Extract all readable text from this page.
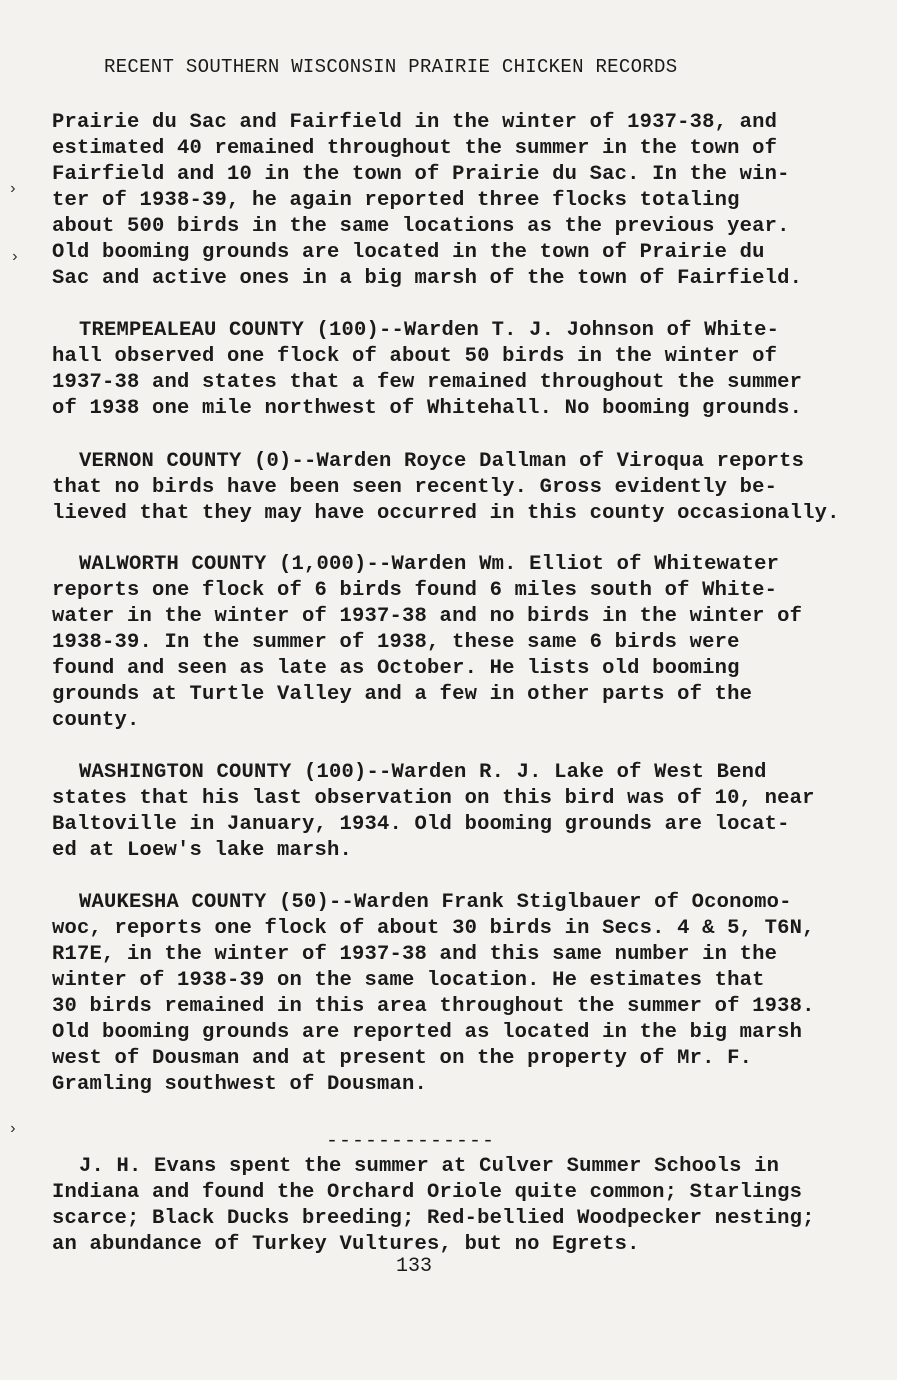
RECENT SOUTHERN WISCONSIN PRAIRIE CHICKEN RECORDS
›
›
›
Prairie du Sac and Fairfield in the winter of 1937-38, and
estimated 40 remained throughout the summer in the town of
Fairfield and 10 in the town of Prairie du Sac. In the win-
ter of 1938-39, he again reported three flocks totaling
about 500 birds in the same locations as the previous year.
Old booming grounds are located in the town of Prairie du
Sac and active ones in a big marsh of the town of Fairfield.
TREMPEALEAU COUNTY (100)--Warden T. J. Johnson of White-
hall observed one flock of about 50 birds in the winter of
1937-38 and states that a few remained throughout the summer
of 1938 one mile northwest of Whitehall. No booming grounds.
VERNON COUNTY (0)--Warden Royce Dallman of Viroqua reports
that no birds have been seen recently. Gross evidently be-
lieved that they may have occurred in this county occasionally.
WALWORTH COUNTY (1,000)--Warden Wm. Elliot of Whitewater
reports one flock of 6 birds found 6 miles south of White-
water in the winter of 1937-38 and no birds in the winter of
1938-39. In the summer of 1938, these same 6 birds were
found and seen as late as October. He lists old booming
grounds at Turtle Valley and a few in other parts of the
county.
WASHINGTON COUNTY (100)--Warden R. J. Lake of West Bend
states that his last observation on this bird was of 10, near
Baltoville in January, 1934. Old booming grounds are locat-
ed at Loew's lake marsh.
WAUKESHA COUNTY (50)--Warden Frank Stiglbauer of Oconomo-
woc, reports one flock of about 30 birds in Secs. 4 & 5, T6N,
R17E, in the winter of 1937-38 and this same number in the
winter of 1938-39 on the same location. He estimates that
30 birds remained in this area throughout the summer of 1938.
Old booming grounds are reported as located in the big marsh
west of Dousman and at present on the property of Mr. F.
Gramling southwest of Dousman.

-------------

J. H. Evans spent the summer at Culver Summer Schools in
Indiana and found the Orchard Oriole quite common; Starlings
scarce; Black Ducks breeding; Red-bellied Woodpecker nesting;
an abundance of Turkey Vultures, but no Egrets.

133
